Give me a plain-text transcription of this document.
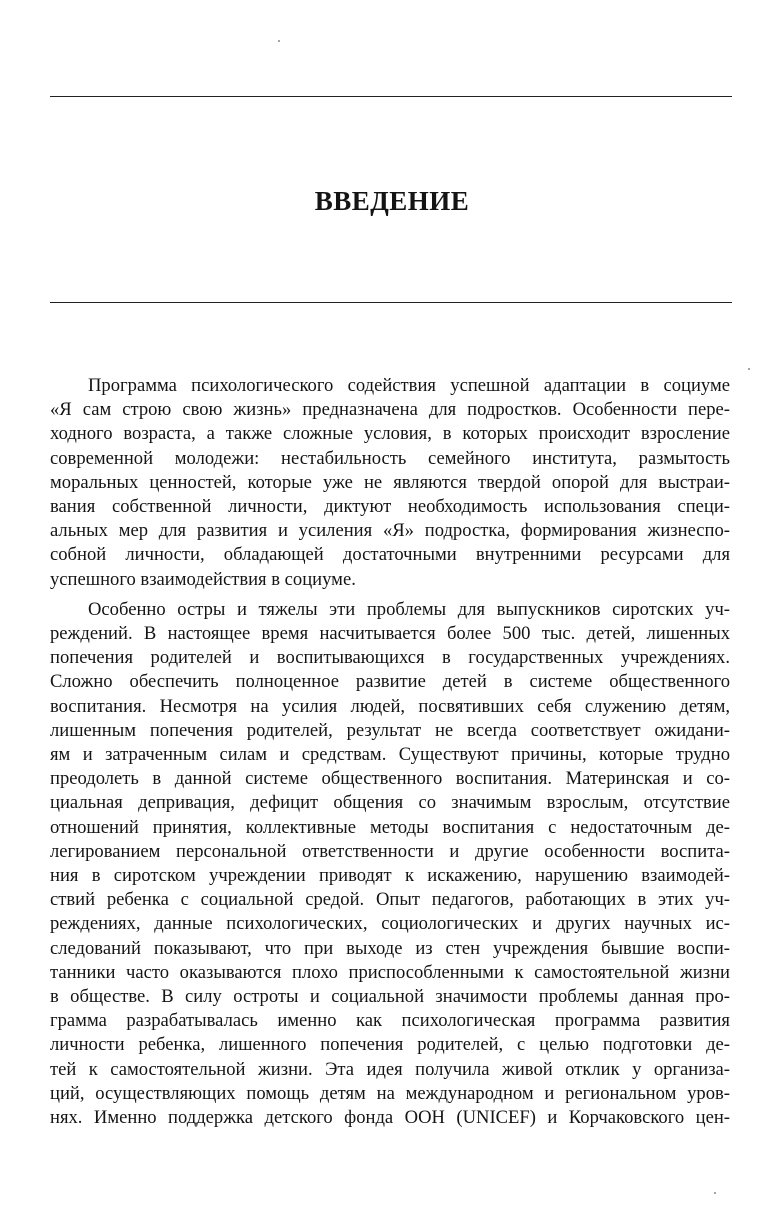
ВВЕДЕНИЕ

Программа психологического содействия успешной адаптации в социуме
«Я сам строю свою жизнь» предназначена для подростков. Особенности пере-
ходного возраста, а также сложные условия, в которых происходит взросление
современной молодежи: нестабильность семейного института, размытость
моральных ценностей, которые уже не являются твердой опорой для выстраи-
вания собственной личности, диктуют необходимость использования специ-
альных мер для развития и усиления «Я» подростка, формирования жизнеспо-
собной личности, обладающей достаточными внутренними ресурсами для
успешного взаимодействия в социуме.

Особенно остры и тяжелы эти проблемы для выпускников сиротских уч-
реждений. В настоящее время насчитывается более 500 тыс. детей, лишенных
попечения родителей и воспитывающихся в государственных учреждениях.
Сложно обеспечить полноценное развитие детей в системе общественного
воспитания. Несмотря на усилия людей, посвятивших себя служению детям,
лишенным попечения родителей, результат не всегда соответствует ожидани-
ям и затраченным силам и средствам. Существуют причины, которые трудно
преодолеть в данной системе общественного воспитания. Материнская и со-
циальная депривация, дефицит общения со значимым взрослым, отсутствие
отношений принятия, коллективные методы воспитания с недостаточным де-
легированием персональной ответственности и другие особенности воспита-
ния в сиротском учреждении приводят к искажению, нарушению взаимодей-
ствий ребенка с социальной средой. Опыт педагогов, работающих в этих уч-
реждениях, данные психологических, социологических и других научных ис-
следований показывают, что при выходе из стен учреждения бывшие воспи-
танники часто оказываются плохо приспособленными к самостоятельной жизни
в обществе. В силу остроты и социальной значимости проблемы данная про-
грамма разрабатывалась именно как психологическая программа развития
личности ребенка, лишенного попечения родителей, с целью подготовки де-
тей к самостоятельной жизни. Эта идея получила живой отклик у организа-
ций, осуществляющих помощь детям на международном и региональном уров-
нях. Именно поддержка детского фонда ООН (UNICEF) и Корчаковского цен-
